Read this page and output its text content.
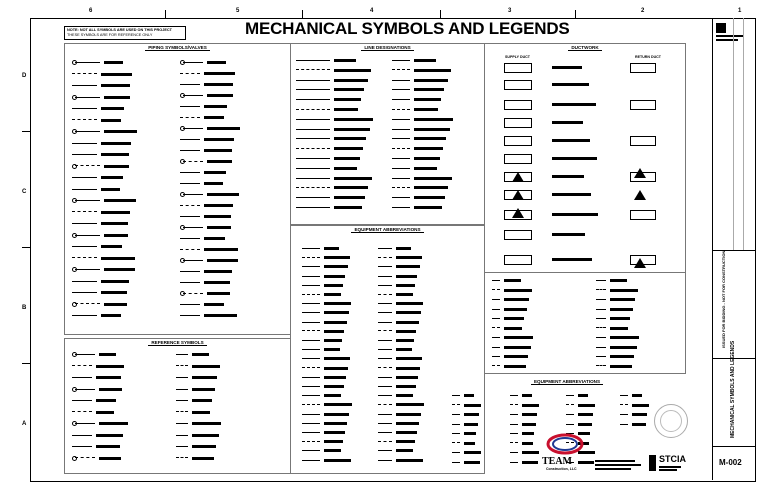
6	5	4	3	2	1
D
C
B
A
NOTE: NOT ALL SYMBOLS ARE USED ON THIS PROJECT
THESE SYMBOLS ARE FOR REFERENCE ONLY	MECHANICAL SYMBOLS AND LEGENDS
PIPING SYMBOLS/VALVES	LINE DESIGNATIONS	DUCTWORK
SUPPLY DUCT	RETURN DUCT
REFERENCE SYMBOLS
EQUIPMENT ABBREVIATIONS
EQUIPMENT ABBREVIATIONS
TEAM
Construction, LLC
STCIA
ISSUED FOR BIDDING - NOT FOR CONSTRUCTION
MECHANICAL SYMBOLS AND LEGENDS
M-002
